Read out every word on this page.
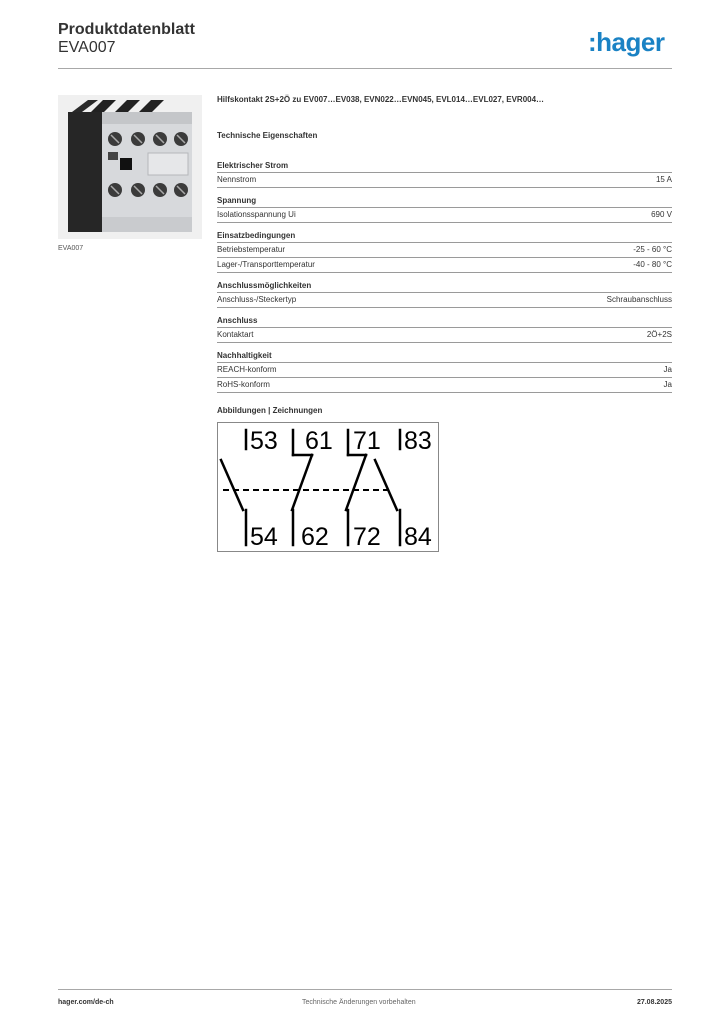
Produktdatenblatt
EVA007	:hager
EVA007
Hilfskontakt 2S+2Ö zu EV007…EV038, EVN022…EVN045, EVL014…EVL027, EVR004…
Technische Eigenschaften
Elektrischer Strom
Nennstrom	15 A
Spannung
Isolationsspannung Ui	690 V
Einsatzbedingungen
Betriebstemperatur	-25 - 60 °C
Lager-/Transporttemperatur	-40 - 80 °C
Anschlussmöglichkeiten
Anschluss-/Steckertyp	Schraubanschluss
Anschluss
Kontaktart	2Ö+2S
Nachhaltigkeit
REACH-konform	Ja
RoHS-konform	Ja
Abbildungen | Zeichnungen
53 61 71 83
54 62 72 84
hager.com/de-ch	Technische Änderungen vorbehalten	27.08.2025
